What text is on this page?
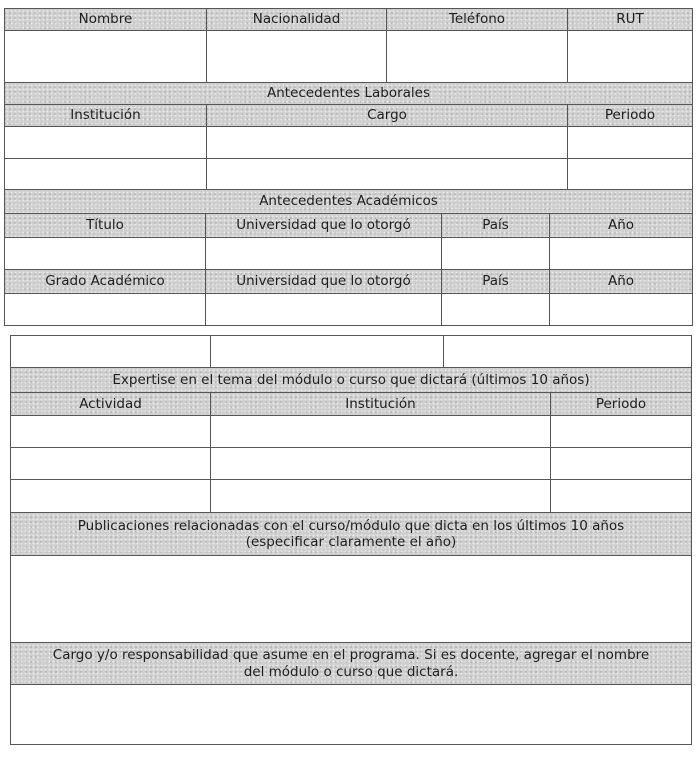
Nombre	Nacionalidad	Teléfono	RUT

Antecedentes Laborales			
Institución	Cargo		Periodo

Antecedentes Académicos			
Título	Universidad que lo otorgó	País	Año

Grado Académico	Universidad que lo otorgó	País	Año

Expertise en el tema del módulo o curso que dictará (últimos 10 años)			
Actividad	Institución		Periodo

Publicaciones relacionadas con el curso/módulo que dicta en los últimos 10 años (especificar claramente el año)			

Cargo y/o responsabilidad que asume en el programa. Si es docente, agregar el nombre del módulo o curso que dictará.			
